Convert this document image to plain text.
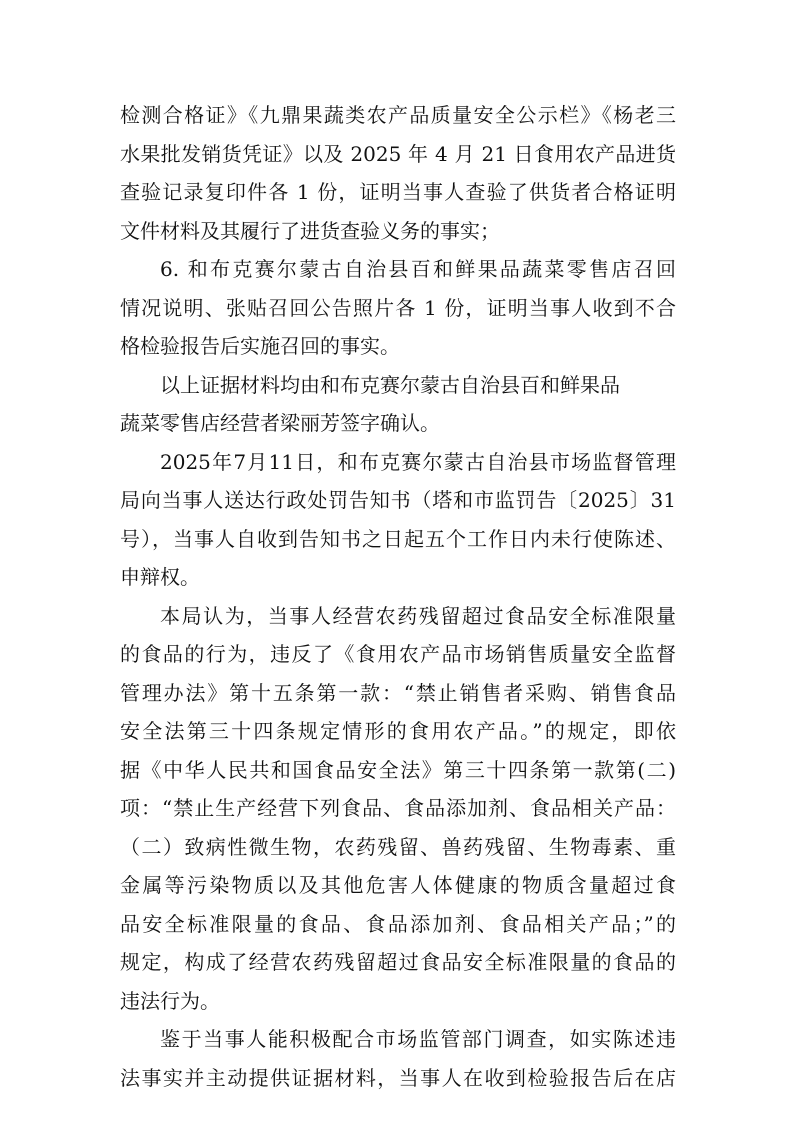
检测合格证》《九鼎果蔬类农产品质量安全公示栏》《杨老三
水果批发销货凭证》以及 2025 年 4 月 21 日食用农产品进货
查验记录复印件各 1 份，证明当事人查验了供货者合格证明
文件材料及其履行了进货查验义务的事实；
6. 和布克赛尔蒙古自治县百和鲜果品蔬菜零售店召回
情况说明、张贴召回公告照片各 1 份，证明当事人收到不合
格检验报告后实施召回的事实。
以上证据材料均由和布克赛尔蒙古自治县百和鲜果品
蔬菜零售店经营者梁丽芳签字确认。
2025年7月11日，和布克赛尔蒙古自治县市场监督管理
局向当事人送达行政处罚告知书（塔和市监罚告〔2025〕31
号），当事人自收到告知书之日起五个工作日内未行使陈述、
申辩权。
本局认为，当事人经营农药残留超过食品安全标准限量
的食品的行为，违反了《食用农产品市场销售质量安全监督
管理办法》第十五条第一款：“禁止销售者采购、销售食品
安全法第三十四条规定情形的食用农产品。”的规定，即依
据《中华人民共和国食品安全法》第三十四条第一款第(二)
项：“禁止生产经营下列食品、食品添加剂、食品相关产品：
（二）致病性微生物，农药残留、兽药残留、生物毒素、重
金属等污染物质以及其他危害人体健康的物质含量超过食
品安全标准限量的食品、食品添加剂、食品相关产品；”的
规定，构成了经营农药残留超过食品安全标准限量的食品的
违法行为。
鉴于当事人能积极配合市场监管部门调查，如实陈述违
法事实并主动提供证据材料，当事人在收到检验报告后在店
